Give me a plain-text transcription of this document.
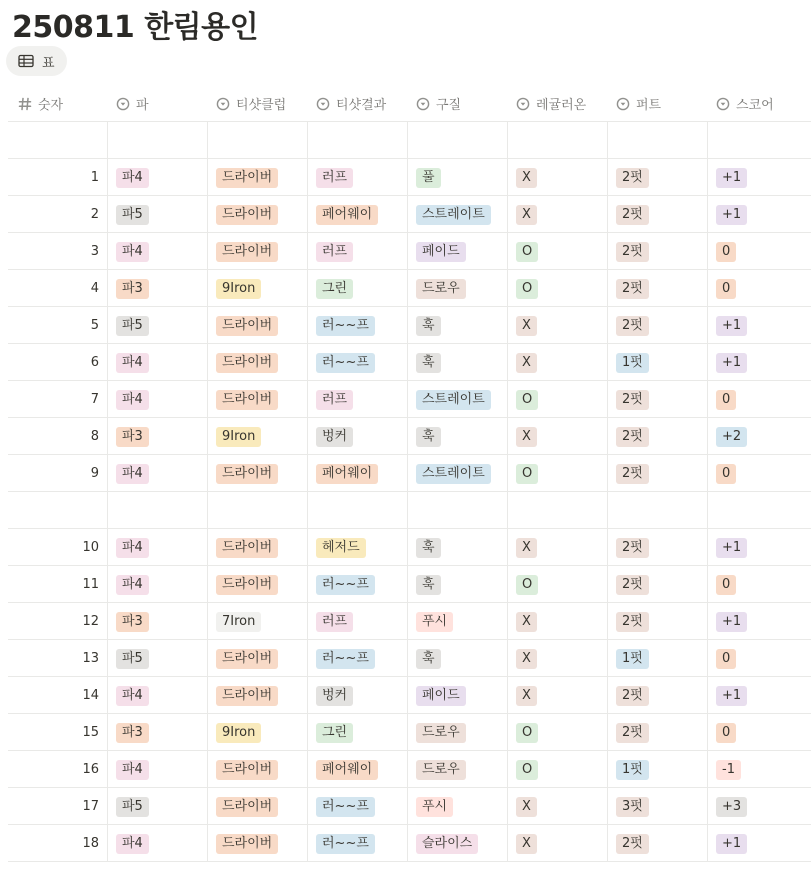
250811 한림용인
표
숫자	파	티샷클럽	티샷결과	구질	레귤러온	퍼트	스코어
1	파4	드라이버	러프	풀	X	2펏	+1
2	파5	드라이버	페어웨이	스트레이트	X	2펏	+1
3	파4	드라이버	러프	페이드	O	2펏	0
4	파3	9Iron	그린	드로우	O	2펏	0
5	파5	드라이버	러~~프	훅	X	2펏	+1
6	파4	드라이버	러~~프	훅	X	1펏	+1
7	파4	드라이버	러프	스트레이트	O	2펏	0
8	파3	9Iron	벙커	훅	X	2펏	+2
9	파4	드라이버	페어웨이	스트레이트	O	2펏	0
10	파4	드라이버	헤저드	훅	X	2펏	+1
11	파4	드라이버	러~~프	훅	O	2펏	0
12	파3	7Iron	러프	푸시	X	2펏	+1
13	파5	드라이버	러~~프	훅	X	1펏	0
14	파4	드라이버	벙커	페이드	X	2펏	+1
15	파3	9Iron	그린	드로우	O	2펏	0
16	파4	드라이버	페어웨이	드로우	O	1펏	-1
17	파5	드라이버	러~~프	푸시	X	3펏	+3
18	파4	드라이버	러~~프	슬라이스	X	2펏	+1
